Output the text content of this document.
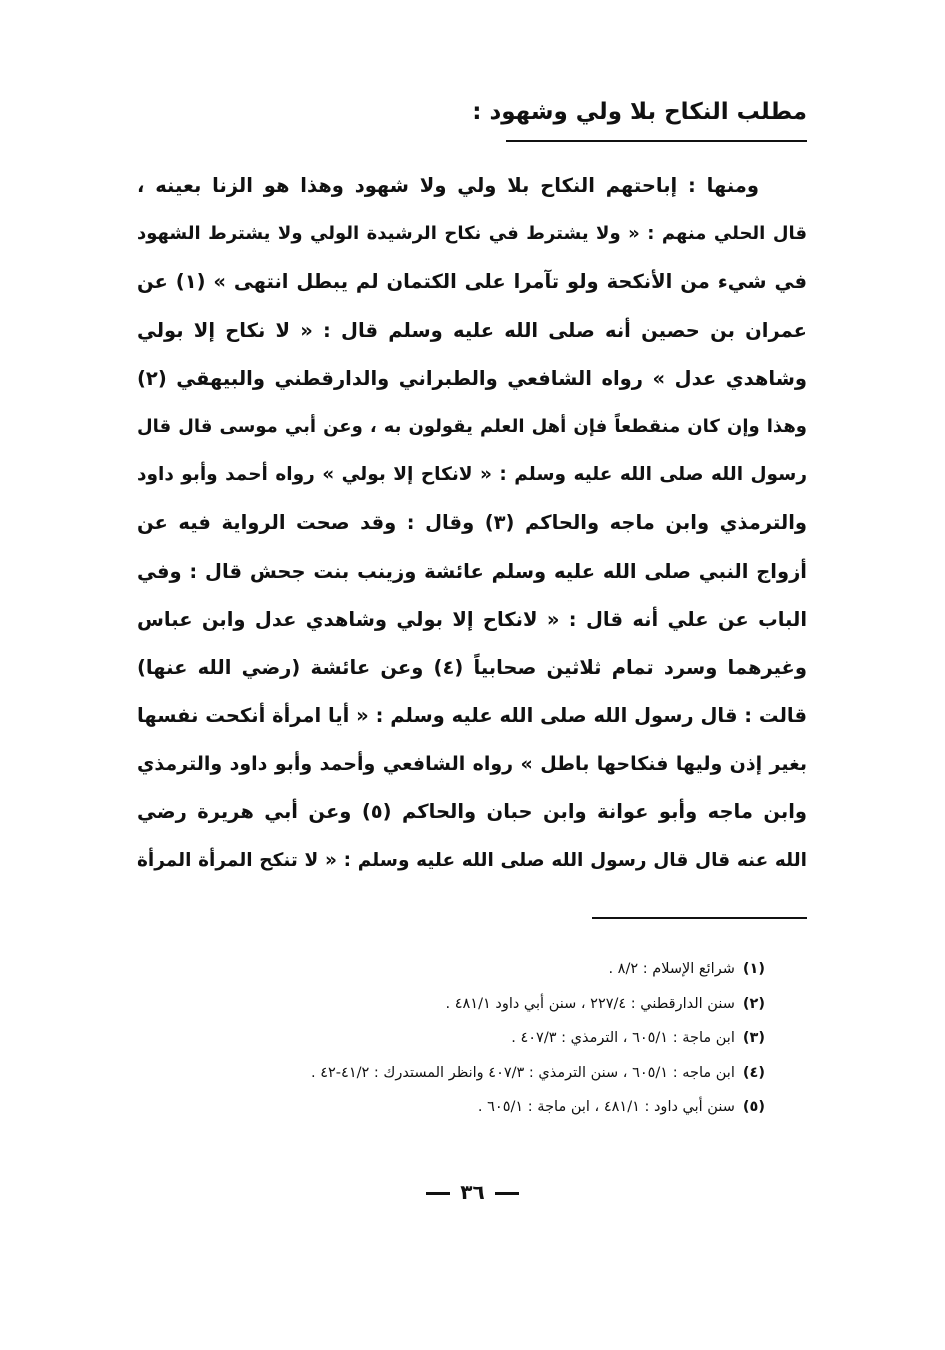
مطلب النكاح بلا ولي وشهود :
ومنها : إباحتهم النكاح بلا ولي ولا شهود وهذا هو الزنا بعينه ،
قال الحلي منهم : « ولا يشترط في نكاح الرشيدة الولي ولا يشترط الشهود
في شيء من الأنكحة ولو تآمرا على الكتمان لم يبطل انتهى » (١) عن
عمران بن حصين أنه صلى الله عليه وسلم قال : « لا نكاح إلا بولي
وشاهدي عدل » رواه الشافعي والطبراني والدارقطني والبيهقي (٢)
وهذا وإن كان منقطعاً فإن أهل العلم يقولون به ، وعن أبي موسى قال قال
رسول الله صلى الله عليه وسلم : « لانكاح إلا بولي » رواه أحمد وأبو داود
والترمذي وابن ماجه والحاكم (٣) وقال : وقد صحت الرواية فيه عن
أزواج النبي صلى الله عليه وسلم عائشة وزينب بنت جحش قال : وفي
الباب عن علي أنه قال : « لانكاح إلا بولي وشاهدي عدل وابن عباس
وغيرهما وسرد تمام ثلاثين صحابياً (٤) وعن عائشة (رضي الله عنها)
قالت : قال رسول الله صلى الله عليه وسلم : « أيا امرأة أنكحت نفسها
بغير إذن وليها فنكاحها باطل » رواه الشافعي وأحمد وأبو داود والترمذي
وابن ماجه وأبو عوانة وابن حبان والحاكم (٥) وعن أبي هريرة رضي
الله عنه قال قال رسول الله صلى الله عليه وسلم : « لا تنكح المرأة المرأة
(١)شرائع الإسلام : ٨/٢ .
(٢)سنن الدارقطني : ٢٢٧/٤ ، سنن أبي داود ٤٨١/١ .
(٣)ابن ماجة : ٦٠٥/١ ، الترمذي : ٤٠٧/٣ .
(٤)ابن ماجه : ٦٠٥/١ ، سنن الترمذي : ٤٠٧/٣ وانظر المستدرك : ٤١/٢-٤٢ .
(٥)سنن أبي داود : ٤٨١/١ ، ابن ماجة : ٦٠٥/١ .
٣٦
